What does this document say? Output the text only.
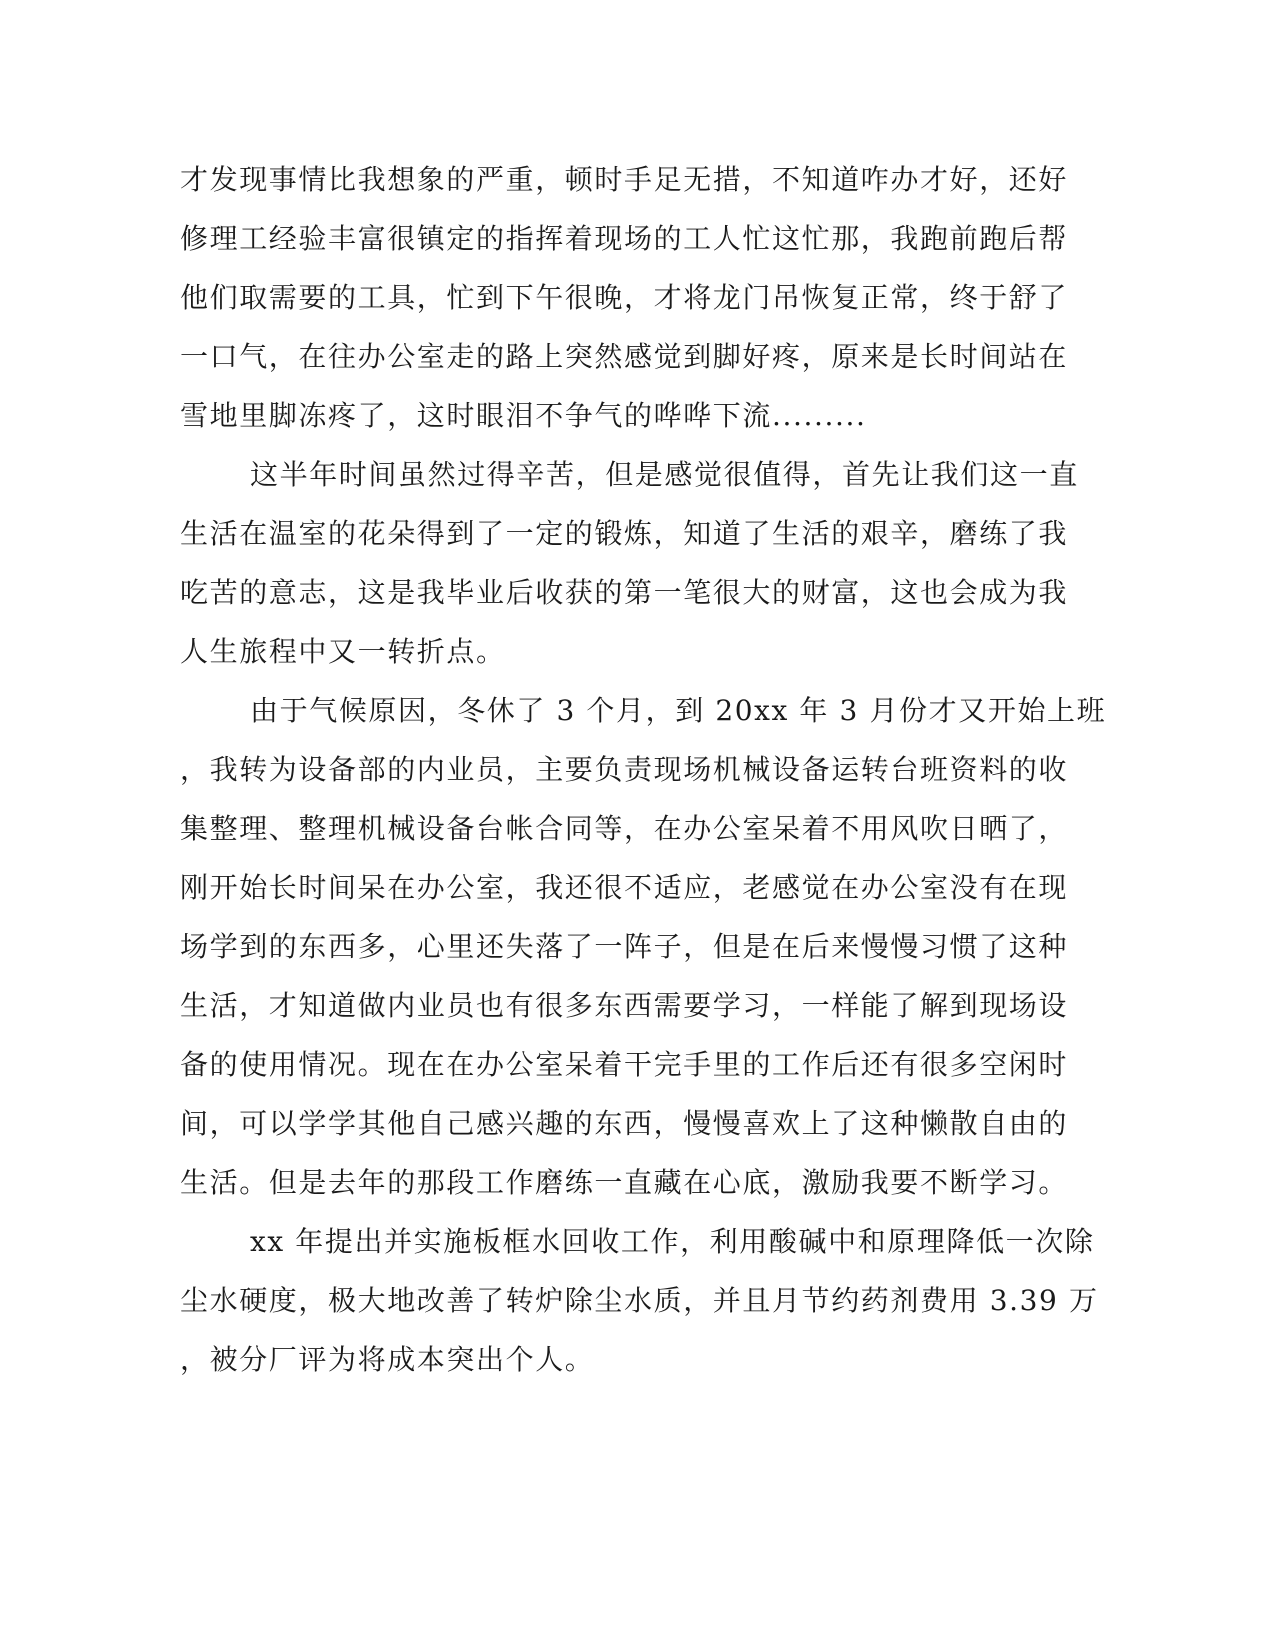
才发现事情比我想象的严重，顿时手足无措，不知道咋办才好，还好
修理工经验丰富很镇定的指挥着现场的工人忙这忙那，我跑前跑后帮
他们取需要的工具，忙到下午很晚，才将龙门吊恢复正常，终于舒了
一口气，在往办公室走的路上突然感觉到脚好疼，原来是长时间站在
雪地里脚冻疼了，这时眼泪不争气的哗哗下流.........
这半年时间虽然过得辛苦，但是感觉很值得，首先让我们这一直
生活在温室的花朵得到了一定的锻炼，知道了生活的艰辛，磨练了我
吃苦的意志，这是我毕业后收获的第一笔很大的财富，这也会成为我
人生旅程中又一转折点。
由于气候原因，冬休了 3 个月，到 20xx 年 3 月份才又开始上班
，我转为设备部的内业员，主要负责现场机械设备运转台班资料的收
集整理、整理机械设备台帐合同等，在办公室呆着不用风吹日晒了，
刚开始长时间呆在办公室，我还很不适应，老感觉在办公室没有在现
场学到的东西多，心里还失落了一阵子，但是在后来慢慢习惯了这种
生活，才知道做内业员也有很多东西需要学习，一样能了解到现场设
备的使用情况。现在在办公室呆着干完手里的工作后还有很多空闲时
间，可以学学其他自己感兴趣的东西，慢慢喜欢上了这种懒散自由的
生活。但是去年的那段工作磨练一直藏在心底，激励我要不断学习。
xx 年提出并实施板框水回收工作，利用酸碱中和原理降低一次除
尘水硬度，极大地改善了转炉除尘水质，并且月节约药剂费用 3.39 万
，被分厂评为将成本突出个人。
